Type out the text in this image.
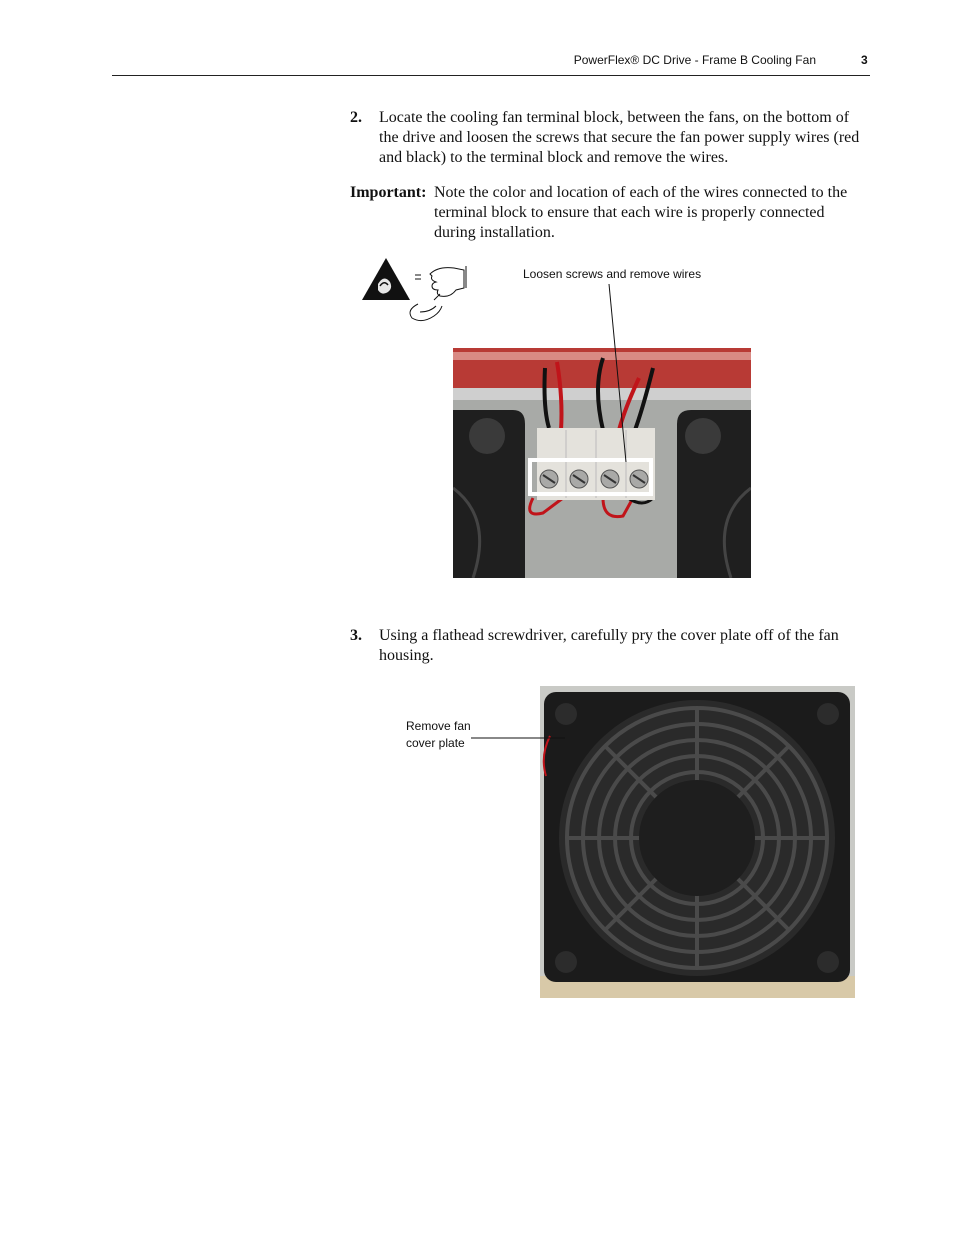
PowerFlex® DC Drive - Frame B Cooling Fan	3
2. Locate the cooling fan terminal block, between the fans, on the bottom of the drive and loosen the screws that secure the fan power supply wires (red and black) to the terminal block and remove the wires.
Important: Note the color and location of each of the wires connected to the terminal block to ensure that each wire is properly connected during installation.
Loosen screws and remove wires
3. Using a flathead screwdriver, carefully pry the cover plate off of the fan housing.
Remove fan
cover plate
